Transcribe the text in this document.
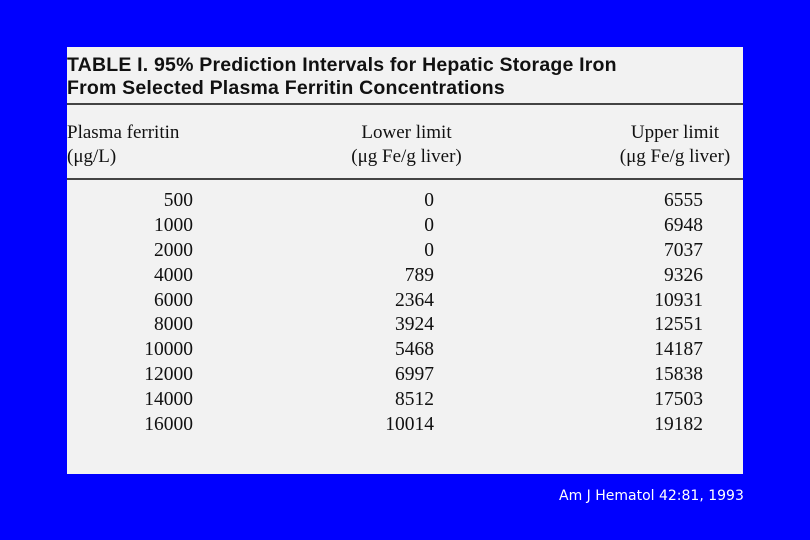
TABLE I. 95% Prediction Intervals for Hepatic Storage Iron
From Selected Plasma Ferritin Concentrations
Plasma ferritin
(μg/L)
Lower limit
(μg Fe/g liver)
Upper limit
(μg Fe/g liver)
500
1000
2000
4000
6000
8000
10000
12000
14000
16000
0
0
0
789
2364
3924
5468
6997
8512
10014
6555
6948
7037
9326
10931
12551
14187
15838
17503
19182
Am J Hematol 42:81, 1993
